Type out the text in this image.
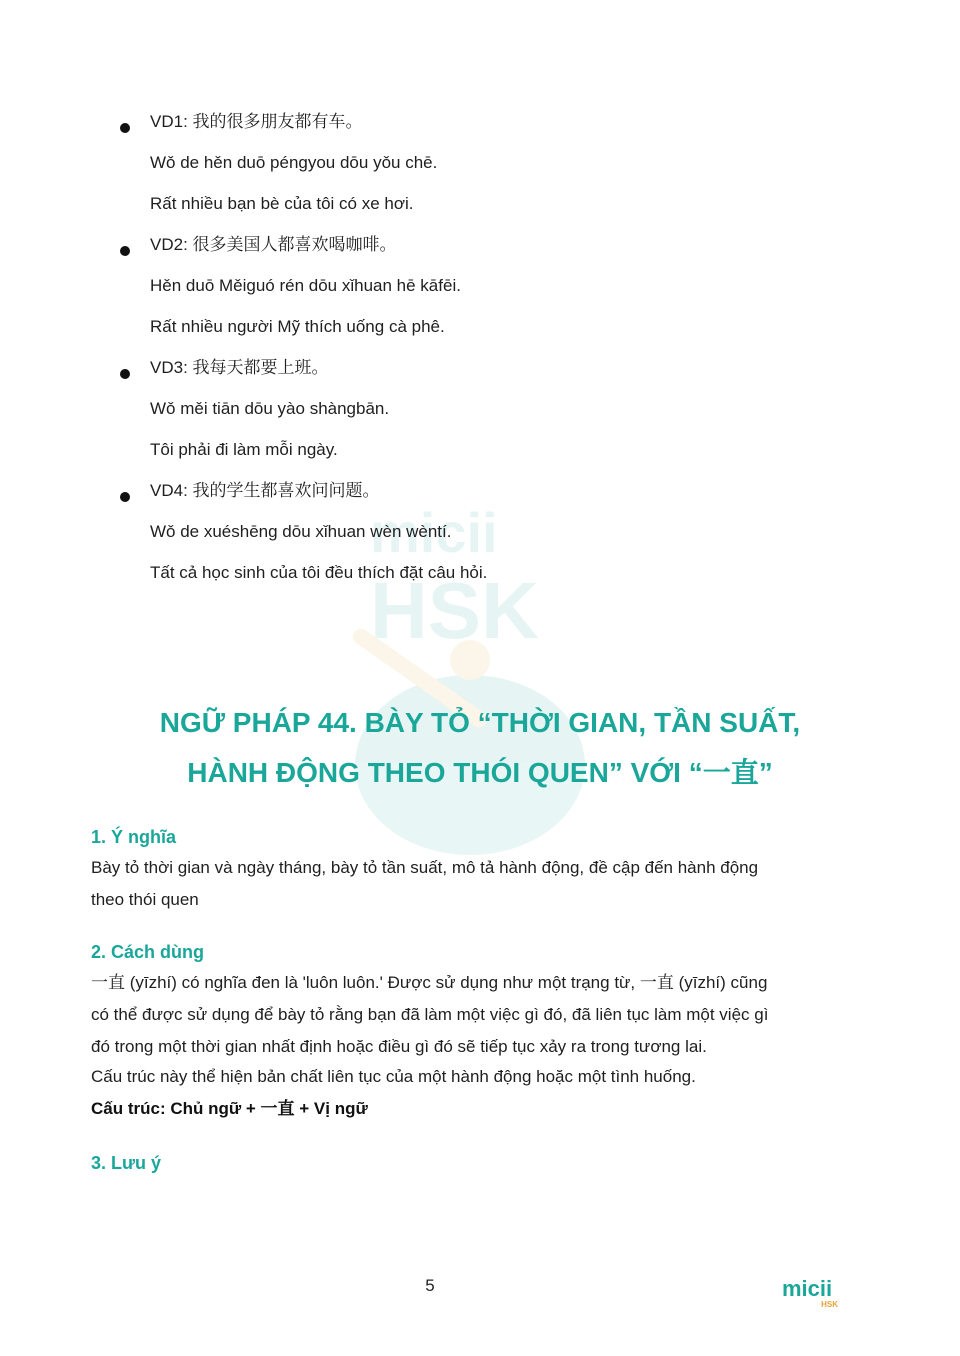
micii
HSK
VD1: 我的很多朋友都有车。
Wǒ de hěn duō péngyou dōu yǒu chē.
Rất nhiều bạn bè của tôi có xe hơi.
VD2: 很多美国人都喜欢喝咖啡。
Hěn duō Měiguó rén dōu xǐhuan hē kāfēi.
Rất nhiều người Mỹ thích uống cà phê.
VD3: 我每天都要上班。
Wǒ měi tiān dōu yào shàngbān.
Tôi phải đi làm mỗi ngày.
VD4: 我的学生都喜欢问问题。
Wǒ de xuéshēng dōu xǐhuan wèn wèntí.
Tất cả học sinh của tôi đều thích đặt câu hỏi.
NGỮ PHÁP 44. BÀY TỎ “THỜI GIAN, TẦN SUẤT,
HÀNH ĐỘNG THEO THÓI QUEN” VỚI “一直”
1. Ý nghĩa
Bày tỏ thời gian và ngày tháng, bày tỏ tần suất, mô tả hành động, đề cập đến hành động
theo thói quen
2. Cách dùng
一直 (yīzhí) có nghĩa đen là 'luôn luôn.' Được sử dụng như một trạng từ, 一直 (yīzhí) cũng
có thể được sử dụng để bày tỏ rằng bạn đã làm một việc gì đó, đã liên tục làm một việc gì
đó trong một thời gian nhất định hoặc điều gì đó sẽ tiếp tục xảy ra trong tương lai.
Cấu trúc này thể hiện bản chất liên tục của một hành động hoặc một tình huống.
Cấu trúc: Chủ ngữ + 一直 + Vị ngữ
3. Lưu ý
5	micii
HSK
